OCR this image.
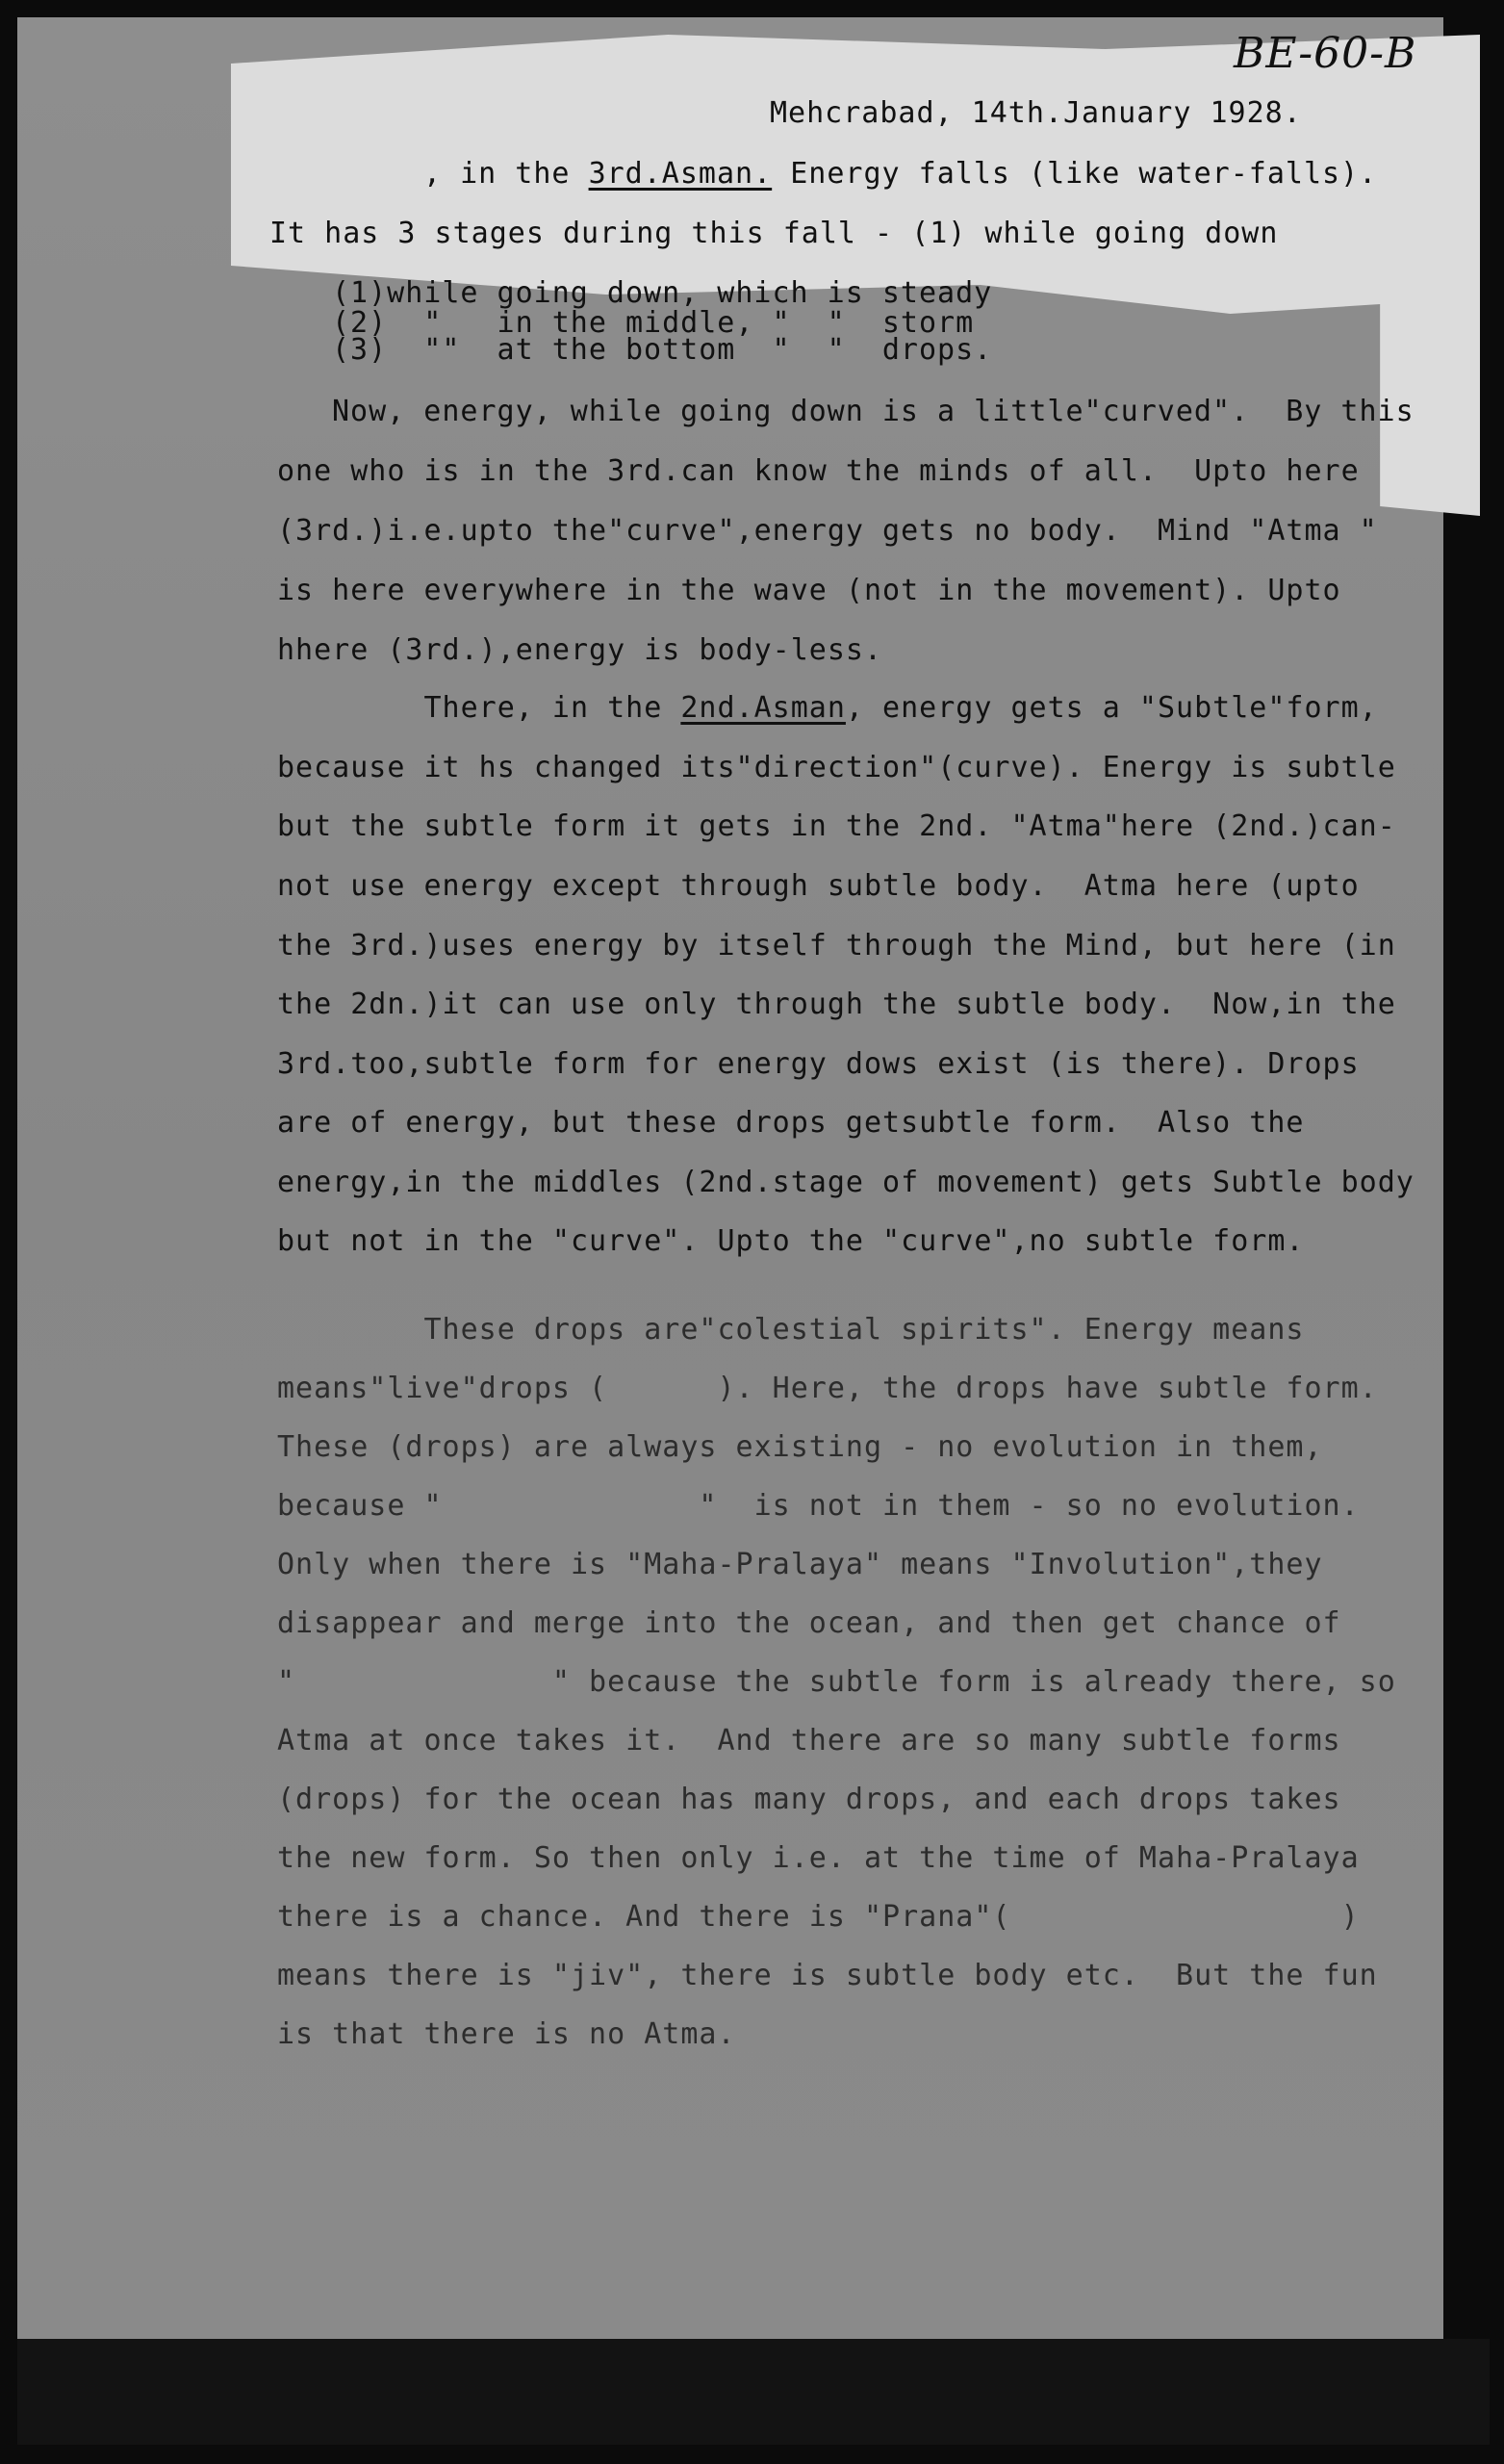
BE-60-B
Mehcrabad, 14th.January 1928.
, in the 3rd.Asman. Energy falls (like water-falls).
It has 3 stages during this fall - (1) while going down
(1)while going down, which is steady
(2)  "   in the middle, "  "  storm
(3)  ""  at the bottom  "  "  drops.
Now, energy, while going down is a little"curved".  By this
one who is in the 3rd.can know the minds of all.  Upto here
(3rd.)i.e.upto the"curve",energy gets no body.  Mind "Atma "
is here everywhere in the wave (not in the movement). Upto
hhere (3rd.),energy is body-less.
There, in the 2nd.Asman, energy gets a "Subtle"form,
because it hs changed its"direction"(curve). Energy is subtle
but the subtle form it gets in the 2nd. "Atma"here (2nd.)can-
not use energy except through subtle body.  Atma here (upto
the 3rd.)uses energy by itself through the Mind, but here (in
the 2dn.)it can use only through the subtle body.  Now,in the
3rd.too,subtle form for energy dows exist (is there). Drops
are of energy, but these drops getsubtle form.  Also the
energy,in the middles (2nd.stage of movement) gets Subtle body
but not in the "curve". Upto the "curve",no subtle form.
These drops are"colestial spirits". Energy means
means"live"drops (      ). Here, the drops have subtle form.
These (drops) are always existing - no evolution in them,
because "              "  is not in them - so no evolution.
Only when there is "Maha-Pralaya" means "Involution",they
disappear and merge into the ocean, and then get chance of
"              " because the subtle form is already there, so
Atma at once takes it.  And there are so many subtle forms
(drops) for the ocean has many drops, and each drops takes
the new form. So then only i.e. at the time of Maha-Pralaya
there is a chance. And there is "Prana"(                  )
means there is "jiv", there is subtle body etc.  But the fun
is that there is no Atma.
